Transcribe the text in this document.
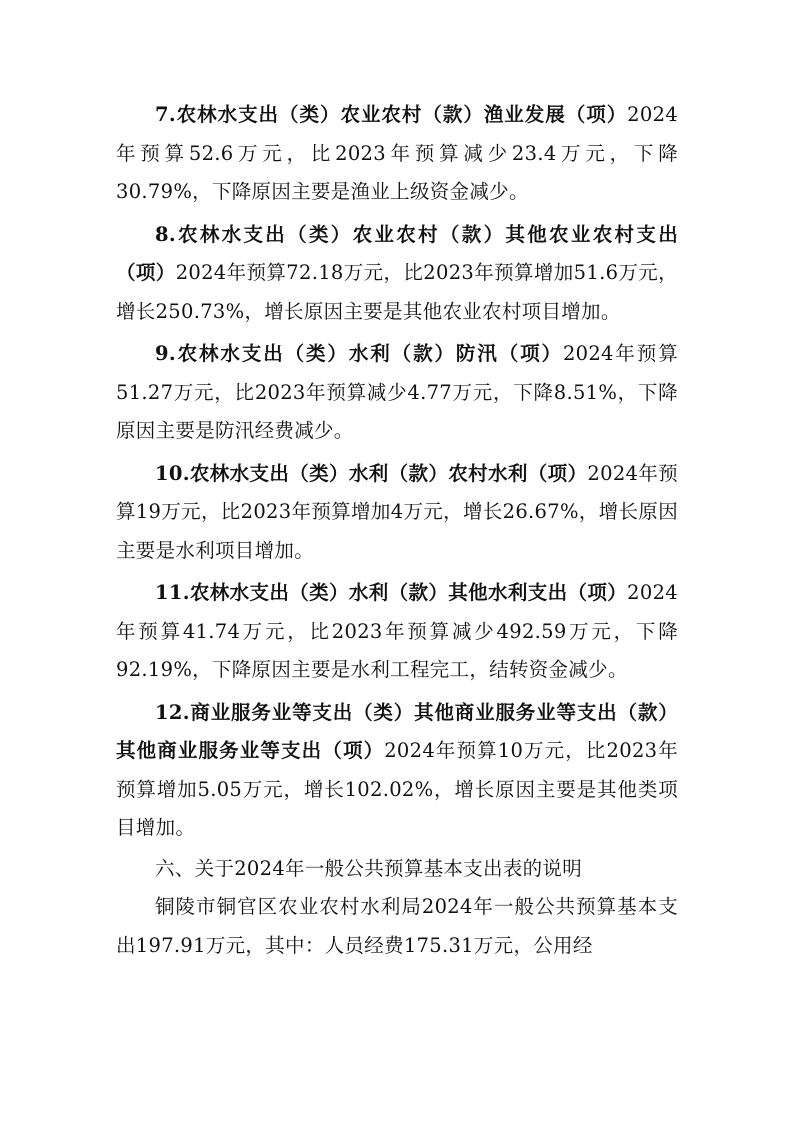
7.农林水支出（类）农业农村（款）渔业发展（项）2024年预算52.6万元，比2023年预算减少23.4万元，下降30.79%，下降原因主要是渔业上级资金减少。

8.农林水支出（类）农业农村（款）其他农业农村支出（项）2024年预算72.18万元，比2023年预算增加51.6万元，增长250.73%，增长原因主要是其他农业农村项目增加。

9.农林水支出（类）水利（款）防汛（项）2024年预算51.27万元，比2023年预算减少4.77万元，下降8.51%，下降原因主要是防汛经费减少。

10.农林水支出（类）水利（款）农村水利（项）2024年预算19万元，比2023年预算增加4万元，增长26.67%，增长原因主要是水利项目增加。

11.农林水支出（类）水利（款）其他水利支出（项）2024年预算41.74万元，比2023年预算减少492.59万元，下降92.19%，下降原因主要是水利工程完工，结转资金减少。

12.商业服务业等支出（类）其他商业服务业等支出（款）其他商业服务业等支出（项）2024年预算10万元，比2023年预算增加5.05万元，增长102.02%，增长原因主要是其他类项目增加。

六、关于2024年一般公共预算基本支出表的说明

铜陵市铜官区农业农村水利局2024年一般公共预算基本支出197.91万元，其中：人员经费175.31万元，公用经
